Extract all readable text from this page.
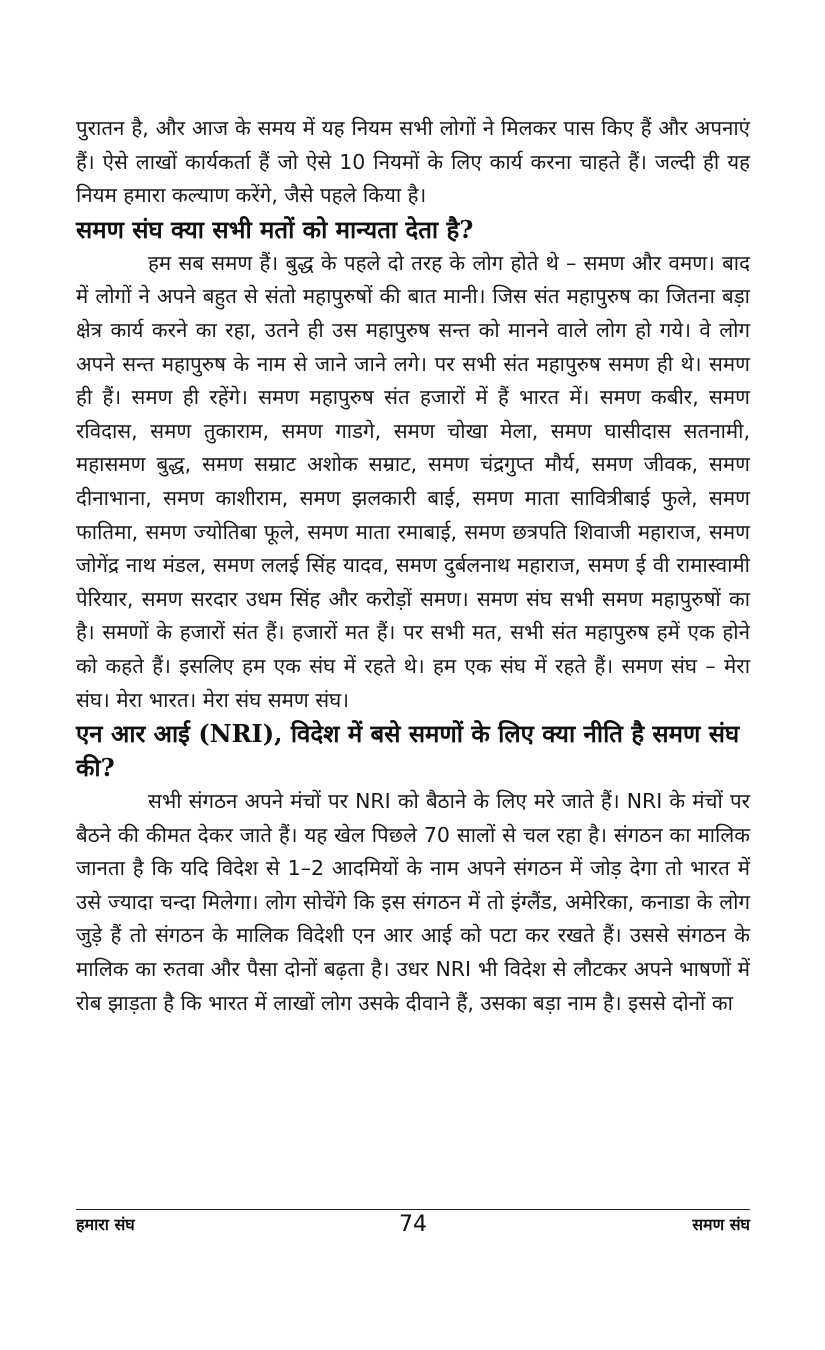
पुरातन है, और आज के समय में यह नियम सभी लोगों ने मिलकर पास किए हैं और अपनाएं हैं। ऐसे लाखों कार्यकर्ता हैं जो ऐसे 10 नियमों के लिए कार्य करना चाहते हैं। जल्दी ही यह नियम हमारा कल्याण करेंगे, जैसे पहले किया है।

समण संघ क्या सभी मतों को मान्यता देता है?

हम सब समण हैं। बुद्ध के पहले दो तरह के लोग होते थे – समण और वमण। बाद में लोगों ने अपने बहुत से संतो महापुरुषों की बात मानी। जिस संत महापुरुष का जितना बड़ा क्षेत्र कार्य करने का रहा, उतने ही उस महापुरुष सन्त को मानने वाले लोग हो गये। वे लोग अपने सन्त महापुरुष के नाम से जाने जाने लगे। पर सभी संत महापुरुष समण ही थे। समण ही हैं। समण ही रहेंगे। समण महापुरुष संत हजारों में हैं भारत में। समण कबीर, समण रविदास, समण तुकाराम, समण गाडगे, समण चोखा मेला, समण घासीदास सतनामी, महासमण बुद्ध, समण सम्राट अशोक सम्राट, समण चंद्रगुप्त मौर्य, समण जीवक, समण दीनाभाना, समण काशीराम, समण झलकारी बाई, समण माता सावित्रीबाई फुले, समण फातिमा, समण ज्योतिबा फूले, समण माता रमाबाई, समण छत्रपति शिवाजी महाराज, समण जोगेंद्र नाथ मंडल, समण ललई सिंह यादव, समण दुर्बलनाथ महाराज, समण ई वी रामास्वामी पेरियार, समण सरदार उधम सिंह और करोड़ों समण। समण संघ सभी समण महापुरुषों का है। समणों के हजारों संत हैं। हजारों मत हैं। पर सभी मत, सभी संत महापुरुष हमें एक होने को कहते हैं। इसलिए हम एक संघ में रहते थे। हम एक संघ में रहते हैं। समण संघ – मेरा संघ। मेरा भारत। मेरा संघ समण संघ।

एन आर आई (NRI), विदेश में बसे समणों के लिए क्या नीति है समण संघ की?

सभी संगठन अपने मंचों पर NRI को बैठाने के लिए मरे जाते हैं। NRI के मंचों पर बैठने की कीमत देकर जाते हैं। यह खेल पिछले 70 सालों से चल रहा है। संगठन का मालिक जानता है कि यदि विदेश से 1–2 आदमियों के नाम अपने संगठन में जोड़ देगा तो भारत में उसे ज्यादा चन्दा मिलेगा। लोग सोचेंगे कि इस संगठन में तो इंग्लैंड, अमेरिका, कनाडा के लोग जुड़े हैं तो संगठन के मालिक विदेशी एन आर आई को पटा कर रखते हैं। उससे संगठन के मालिक का रुतवा और पैसा दोनों बढ़ता है। उधर NRI भी विदेश से लौटकर अपने भाषणों में रोब झाड़ता है कि भारत में लाखों लोग उसके दीवाने हैं, उसका बड़ा नाम है। इससे दोनों का

हमारा संघ	74	समण संघ
